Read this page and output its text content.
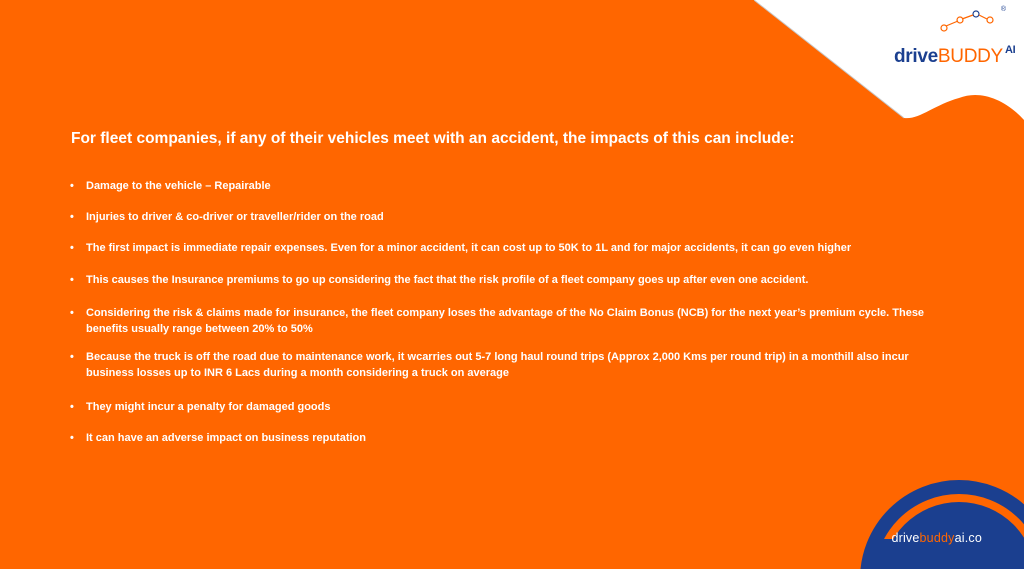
®
driveBUDDY $^{AI}$
For fleet companies, if any of their vehicles meet with an accident, the impacts of this can include:
• Damage to the vehicle – Repairable
• Injuries to driver & co-driver or traveller/rider on the road
• The first impact is immediate repair expenses. Even for a minor accident, it can cost up to 50K to 1L and for major accidents, it can go even higher
• This causes the Insurance premiums to go up considering the fact that the risk profile of a fleet company goes up after even one accident.
• Considering the risk & claims made for insurance, the fleet company loses the advantage of the No Claim Bonus (NCB) for the next year’s premium cycle. These benefits usually range between 20% to 50%
• Because the truck is off the road due to maintenance work, it wcarries out 5-7 long haul round trips (Approx 2,000 Kms per round trip) in a monthill also incur business losses up to INR 6 Lacs during a month considering a truck on average
• They might incur a penalty for damaged goods
• It can have an adverse impact on business reputation
drivebuddyai.co
